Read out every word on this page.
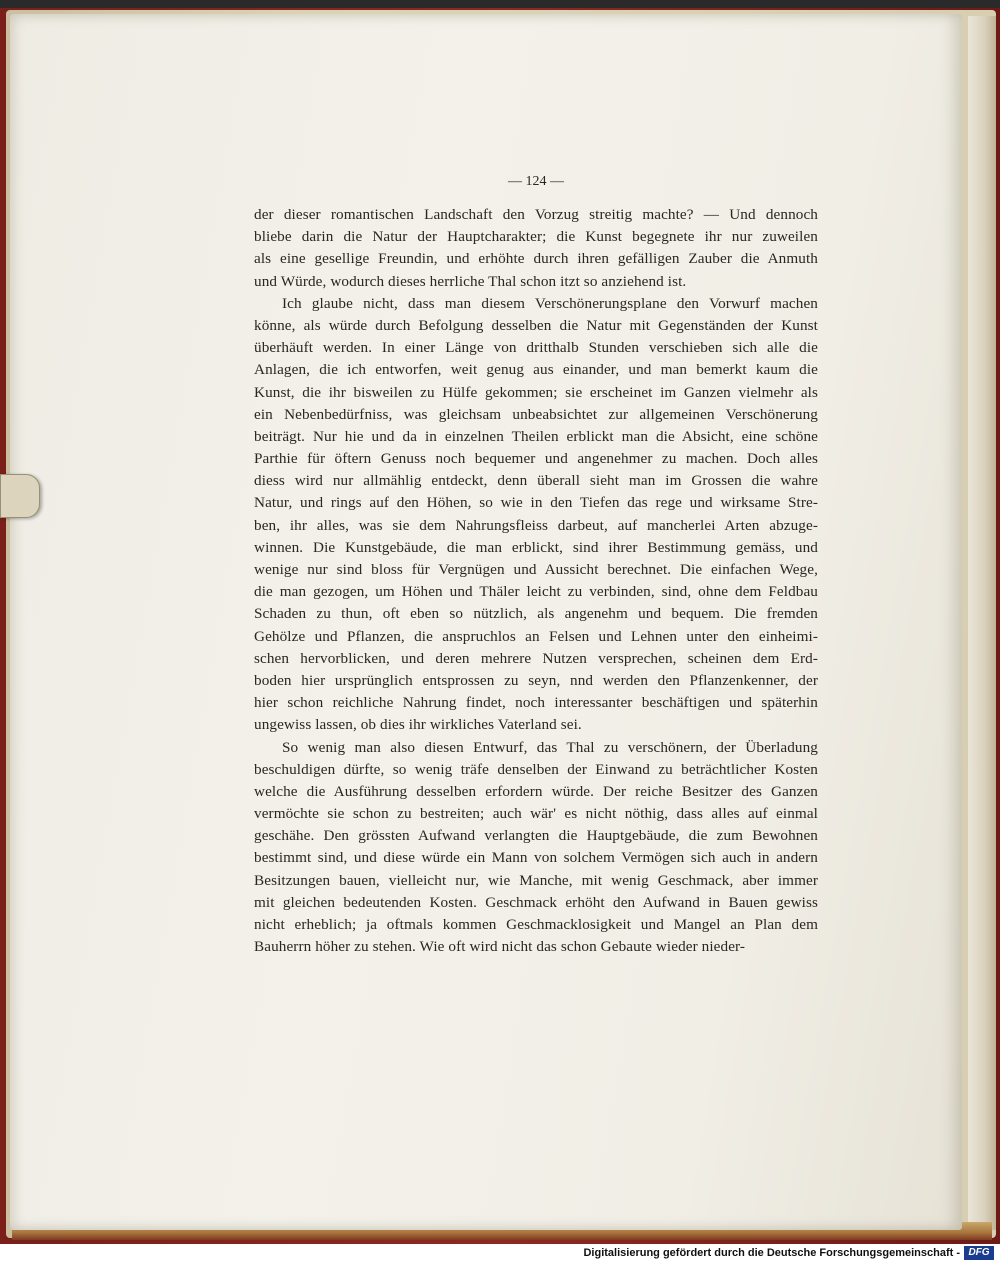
— 124 —
der dieser romantischen Landschaft den Vorzug streitig machte? — Und dennoch
bliebe darin die Natur der Hauptcharakter; die Kunst begegnete ihr nur zuweilen
als eine gesellige Freundin, und erhöhte durch ihren gefälligen Zauber die Anmuth
und Würde, wodurch dieses herrliche Thal schon itzt so anziehend ist.
Ich glaube nicht, dass man diesem Verschönerungsplane den Vorwurf machen
könne, als würde durch Befolgung desselben die Natur mit Gegenständen der Kunst
überhäuft werden. In einer Länge von dritthalb Stunden verschieben sich alle die
Anlagen, die ich entworfen, weit genug aus einander, und man bemerkt kaum die
Kunst, die ihr bisweilen zu Hülfe gekommen; sie erscheinet im Ganzen vielmehr als
ein Nebenbedürfniss, was gleichsam unbeabsichtet zur allgemeinen Verschönerung
beiträgt. Nur hie und da in einzelnen Theilen erblickt man die Absicht, eine schöne
Parthie für öftern Genuss noch bequemer und angenehmer zu machen. Doch alles
diess wird nur allmählig entdeckt, denn überall sieht man im Grossen die wahre
Natur, und rings auf den Höhen, so wie in den Tiefen das rege und wirksame Stre-
ben, ihr alles, was sie dem Nahrungsfleiss darbeut, auf mancherlei Arten abzuge-
winnen. Die Kunstgebäude, die man erblickt, sind ihrer Bestimmung gemäss, und
wenige nur sind bloss für Vergnügen und Aussicht berechnet. Die einfachen Wege,
die man gezogen, um Höhen und Thäler leicht zu verbinden, sind, ohne dem Feldbau
Schaden zu thun, oft eben so nützlich, als angenehm und bequem. Die fremden
Gehölze und Pflanzen, die anspruchlos an Felsen und Lehnen unter den einheimi-
schen hervorblicken, und deren mehrere Nutzen versprechen, scheinen dem Erd-
boden hier ursprünglich entsprossen zu seyn, nnd werden den Pflanzenkenner, der
hier schon reichliche Nahrung findet, noch interessanter beschäftigen und späterhin
ungewiss lassen, ob dies ihr wirkliches Vaterland sei.
So wenig man also diesen Entwurf, das Thal zu verschönern, der Überladung
beschuldigen dürfte, so wenig träfe denselben der Einwand zu beträchtlicher Kosten
welche die Ausführung desselben erfordern würde. Der reiche Besitzer des Ganzen
vermöchte sie schon zu bestreiten; auch wär' es nicht nöthig, dass alles auf einmal
geschähe. Den grössten Aufwand verlangten die Hauptgebäude, die zum Bewohnen
bestimmt sind, und diese würde ein Mann von solchem Vermögen sich auch in andern
Besitzungen bauen, vielleicht nur, wie Manche, mit wenig Geschmack, aber immer
mit gleichen bedeutenden Kosten. Geschmack erhöht den Aufwand in Bauen gewiss
nicht erheblich; ja oftmals kommen Geschmacklosigkeit und Mangel an Plan dem
Bauherrn höher zu stehen. Wie oft wird nicht das schon Gebaute wieder nieder-
Digitalisierung gefördert durch die Deutsche Forschungsgemeinschaft - DFG
